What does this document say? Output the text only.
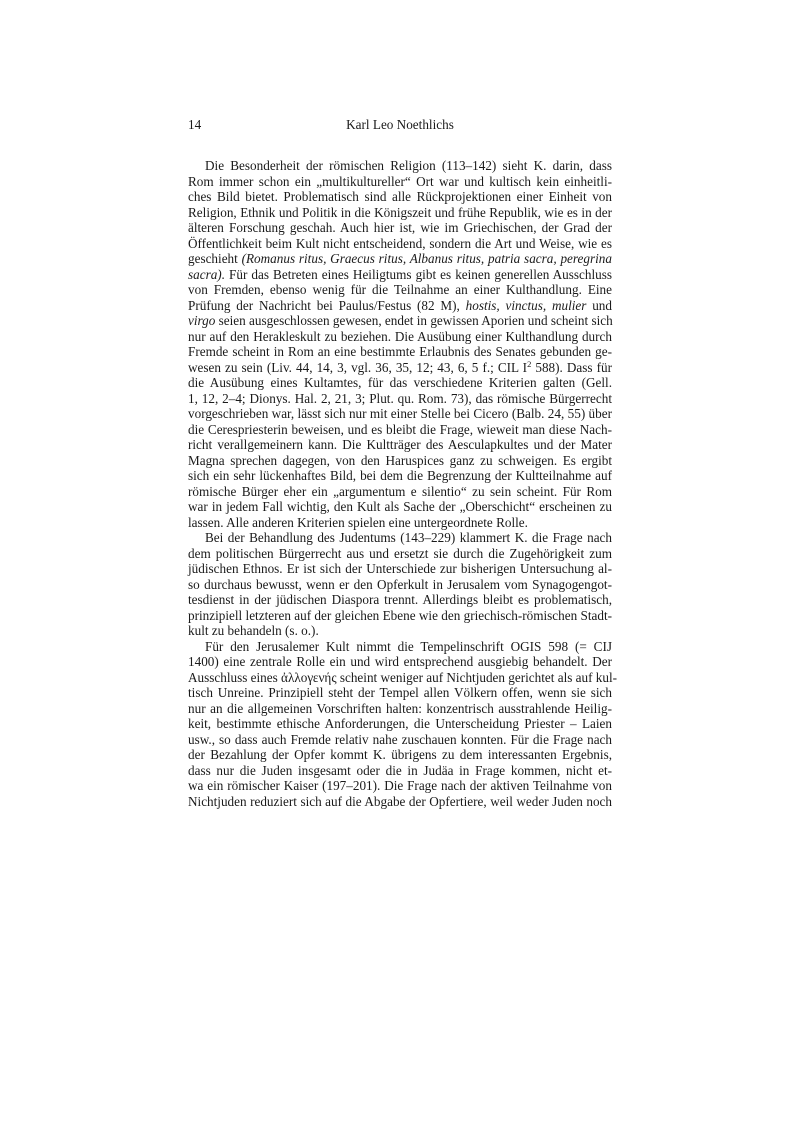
14	Karl Leo Noethlichs
Die Besonderheit der römischen Religion (113–142) sieht K. darin, dass
Rom immer schon ein „multikultureller“ Ort war und kultisch kein einheitli-
ches Bild bietet. Problematisch sind alle Rückprojektionen einer Einheit von
Religion, Ethnik und Politik in die Königszeit und frühe Republik, wie es in der
älteren Forschung geschah. Auch hier ist, wie im Griechischen, der Grad der
Öffentlichkeit beim Kult nicht entscheidend, sondern die Art und Weise, wie es
geschieht (Romanus ritus, Graecus ritus, Albanus ritus, patria sacra, peregrina
sacra). Für das Betreten eines Heiligtums gibt es keinen generellen Ausschluss
von Fremden, ebenso wenig für die Teilnahme an einer Kulthandlung. Eine
Prüfung der Nachricht bei Paulus/Festus (82 M), hostis, vinctus, mulier und
virgo seien ausgeschlossen gewesen, endet in gewissen Aporien und scheint sich
nur auf den Herakleskult zu beziehen. Die Ausübung einer Kulthandlung durch
Fremde scheint in Rom an eine bestimmte Erlaubnis des Senates gebunden ge-
wesen zu sein (Liv. 44, 14, 3, vgl. 36, 35, 12; 43, 6, 5 f.; CIL $I^2$ 588). Dass für
die Ausübung eines Kultamtes, für das verschiedene Kriterien galten (Gell.
1, 12, 2–4; Dionys. Hal. 2, 21, 3; Plut. qu. Rom. 73), das römische Bürgerrecht
vorgeschrieben war, lässt sich nur mit einer Stelle bei Cicero (Balb. 24, 55) über
die Cerespriesterin beweisen, und es bleibt die Frage, wieweit man diese Nach-
richt verallgemeinern kann. Die Kultträger des Aesculapkultes und der Mater
Magna sprechen dagegen, von den Haruspices ganz zu schweigen. Es ergibt
sich ein sehr lückenhaftes Bild, bei dem die Begrenzung der Kultteilnahme auf
römische Bürger eher ein „argumentum e silentio“ zu sein scheint. Für Rom
war in jedem Fall wichtig, den Kult als Sache der „Oberschicht“ erscheinen zu
lassen. Alle anderen Kriterien spielen eine untergeordnete Rolle.
Bei der Behandlung des Judentums (143–229) klammert K. die Frage nach
dem politischen Bürgerrecht aus und ersetzt sie durch die Zugehörigkeit zum
jüdischen Ethnos. Er ist sich der Unterschiede zur bisherigen Untersuchung al-
so durchaus bewusst, wenn er den Opferkult in Jerusalem vom Synagogengot-
tesdienst in der jüdischen Diaspora trennt. Allerdings bleibt es problematisch,
prinzipiell letzteren auf der gleichen Ebene wie den griechisch-römischen Stadt-
kult zu behandeln (s. o.).
Für den Jerusalemer Kult nimmt die Tempelinschrift OGIS 598 (= CIJ
1400) eine zentrale Rolle ein und wird entsprechend ausgiebig behandelt. Der
Ausschluss eines ἀλλογενής scheint weniger auf Nichtjuden gerichtet als auf kul-
tisch Unreine. Prinzipiell steht der Tempel allen Völkern offen, wenn sie sich
nur an die allgemeinen Vorschriften halten: konzentrisch ausstrahlende Heilig-
keit, bestimmte ethische Anforderungen, die Unterscheidung Priester – Laien
usw., so dass auch Fremde relativ nahe zuschauen konnten. Für die Frage nach
der Bezahlung der Opfer kommt K. übrigens zu dem interessanten Ergebnis,
dass nur die Juden insgesamt oder die in Judäa in Frage kommen, nicht et-
wa ein römischer Kaiser (197–201). Die Frage nach der aktiven Teilnahme von
Nichtjuden reduziert sich auf die Abgabe der Opfertiere, weil weder Juden noch
